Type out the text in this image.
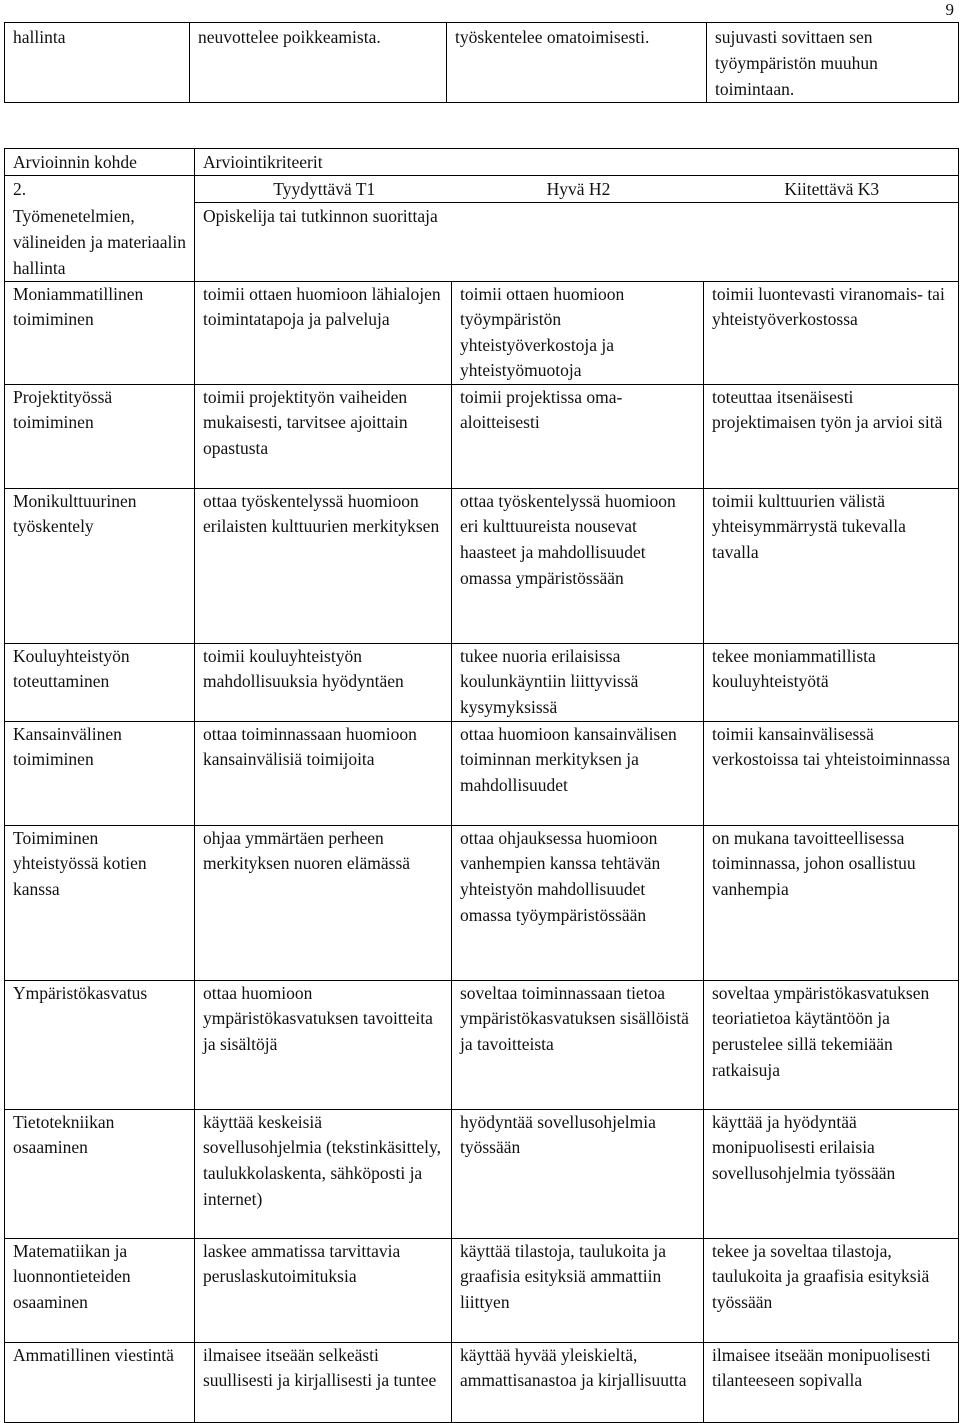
9
hallinta	neuvottelee poikkeamista.	työskentelee omatoimisesti.	sujuvasti sovittaen sen työympäristön muuhun toimintaan.
Arvioinnin kohde	Arviointikriteerit		
2.	Tyydyttävä T1	Hyvä H2	Kiitettävä K3
Työmenetelmien, välineiden ja materiaalin hallinta	Opiskelija tai tutkinnon suorittaja		
Moniammatillinen toimiminen	toimii ottaen huomioon lähialojen toimintatapoja ja palveluja	toimii ottaen huomioon työympäristön yhteistyöverkostoja ja yhteistyömuotoja	toimii luontevasti viranomais- tai yhteistyöverkostossa
Projektityössä toimiminen	toimii projektityön vaiheiden mukaisesti, tarvitsee ajoittain opastusta	toimii projektissa oma-aloitteisesti	toteuttaa itsenäisesti projektimaisen työn ja arvioi sitä
Monikulttuurinen työskentely	ottaa työskentelyssä huomioon erilaisten kulttuurien merkityksen	ottaa työskentelyssä huomioon eri kulttuureista nousevat haasteet ja mahdollisuudet omassa ympäristössään	toimii kulttuurien välistä yhteisymmärrystä tukevalla tavalla
Kouluyhteistyön toteuttaminen	toimii kouluyhteistyön mahdollisuuksia hyödyntäen	tukee nuoria erilaisissa koulunkäyntiin liittyvissä kysymyksissä	tekee moniammatillista kouluyhteistyötä
Kansainvälinen toimiminen	ottaa toiminnassaan huomioon kansainvälisiä toimijoita	ottaa huomioon kansainvälisen toiminnan merkityksen ja mahdollisuudet	toimii kansainvälisessä verkostoissa tai yhteistoiminnassa
Toimiminen yhteistyössä kotien kanssa	ohjaa ymmärtäen perheen merkityksen nuoren elämässä	ottaa ohjauksessa huomioon vanhempien kanssa tehtävän yhteistyön mahdollisuudet omassa työympäristössään	on mukana tavoitteellisessa toiminnassa, johon osallistuu vanhempia
Ympäristökasvatus	ottaa huomioon ympäristökasvatuksen tavoitteita ja sisältöjä	soveltaa toiminnassaan tietoa ympäristökasvatuksen sisällöistä ja tavoitteista	soveltaa ympäristökasvatuksen teoriatietoa käytäntöön ja perustelee sillä tekemiään ratkaisuja
Tietotekniikan osaaminen	käyttää keskeisiä sovellusohjelmia (tekstinkäsittely, taulukkolaskenta, sähköposti ja internet)	hyödyntää sovellusohjelmia työssään	käyttää ja hyödyntää monipuolisesti erilaisia sovellusohjelmia työssään
Matematiikan ja luonnontieteiden osaaminen	laskee ammatissa tarvittavia peruslaskutoimituksia	käyttää tilastoja, taulukoita ja graafisia esityksiä ammattiin liittyen	tekee ja soveltaa tilastoja, taulukoita ja graafisia esityksiä työssään
Ammatillinen viestintä	ilmaisee itseään selkeästi suullisesti ja kirjallisesti ja tuntee	käyttää hyvää yleiskieltä, ammattisanastoa ja kirjallisuutta	ilmaisee itseään monipuolisesti tilanteeseen sopivalla
